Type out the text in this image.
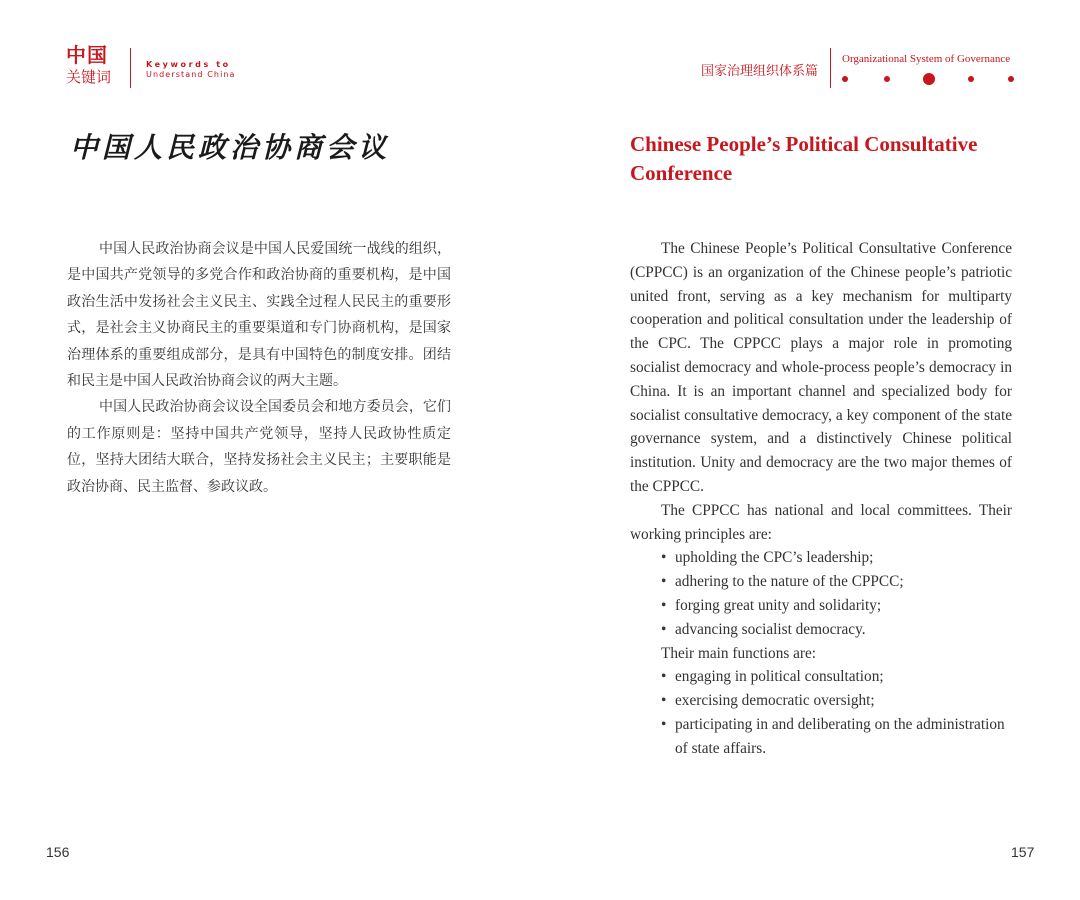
中国
关键词
Keywords to
Understand China
中国人民政治协商会议

中国人民政治协商会议是中国人民爱国统一战线的组织，是中国共产党领导的多党合作和政治协商的重要机构，是中国政治生活中发扬社会主义民主、实践全过程人民民主的重要形式，是社会主义协商民主的重要渠道和专门协商机构，是国家治理体系的重要组成部分，是具有中国特色的制度安排。团结和民主是中国人民政治协商会议的两大主题。

中国人民政治协商会议设全国委员会和地方委员会，它们的工作原则是：坚持中国共产党领导，坚持人民政协性质定位，坚持大团结大联合，坚持发扬社会主义民主；主要职能是政治协商、民主监督、参政议政。

156
国家治理组织体系篇
Organizational System of Governance
Chinese People’s Political Consultative Conference

The Chinese People’s Political Consultative Conference (CPPCC) is an organization of the Chinese people’s patriotic united front, serving as a key mechanism for multiparty cooperation and political consultation under the leadership of the CPC. The CPPCC plays a major role in promoting socialist democracy and whole-process people’s democracy in China. It is an important channel and specialized body for socialist consultative democracy, a key component of the state governance system, and a distinctively Chinese political institution. Unity and democracy are the two major themes of the CPPCC.

The CPPCC has national and local committees. Their working principles are:

• upholding the CPC’s leadership;
• adhering to the nature of the CPPCC;
• forging great unity and solidarity;
• advancing socialist democracy.
Their main functions are:
• engaging in political consultation;
• exercising democratic oversight;
• participating in and deliberating on the administration of state affairs.
157
